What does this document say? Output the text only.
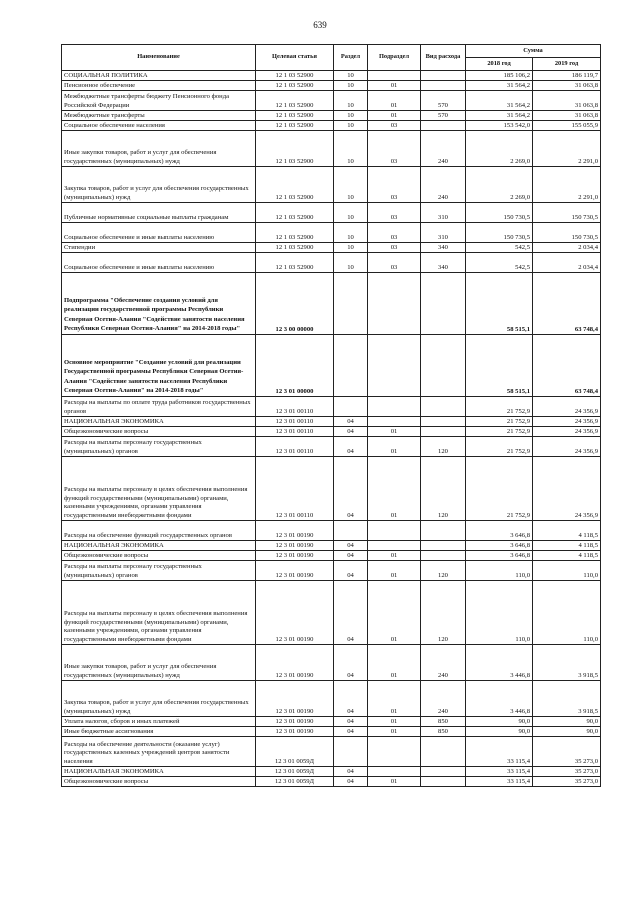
639
Наименование	Целевая статья	Раздел	Подраздел	Вид расхода	Сумма	
					2018 год	2019 год
СОЦИАЛЬНАЯ ПОЛИТИКА	12 1 03 52900	10			185 106,2	186 119,7
Пенсионное обеспечение	12 1 03 52900	10	01		31 564,2	31 063,8
Межбюджетные трансферты бюджету Пенсионного фонда Российской Федерации	12 1 03 52900	10	01	570	31 564,2	31 063,8
Межбюджетные трансферты	12 1 03 52900	10	01	570	31 564,2	31 063,8
Социальное обеспечение населения	12 1 03 52900	10	03		153 542,0	155 055,9
Иные закупки товаров, работ и услуг для обеспечения государственных (муниципальных) нужд	12 1 03 52900	10	03	240	2 269,0	2 291,0
Закупка товаров, работ и услуг для обеспечения государственных (муниципальных) нужд	12 1 03 52900	10	03	240	2 269,0	2 291,0
Публичные нормативные социальные выплаты гражданам	12 1 03 52900	10	03	310	150 730,5	150 730,5
Социальное обеспечение и иные выплаты населению	12 1 03 52900	10	03	310	150 730,5	150 730,5
Стипендии	12 1 03 52900	10	03	340	542,5	2 034,4
Социальное обеспечение и иные выплаты населению	12 1 03 52900	10	03	340	542,5	2 034,4
Подпрограмма "Обеспечение создания условий для реализации государственной программы Республики Северная Осетия-Алания "Содействие занятости населения Республики Северная Осетия-Алания" на 2014-2018 годы"	12 3 00 00000				58 515,1	63 748,4
Основное мероприятие "Создание условий для реализации Государственной программы Республики Северная Осетия-Алания "Содействие занятости населения Республики Северная Осетия-Алания" на 2014-2018 годы"	12 3 01 00000				58 515,1	63 748,4
Расходы на выплаты по оплате труда работников государственных органов	12 3 01 00110				21 752,9	24 356,9
НАЦИОНАЛЬНАЯ ЭКОНОМИКА	12 3 01 00110	04			21 752,9	24 356,9
Общеэкономические вопросы	12 3 01 00110	04	01		21 752,9	24 356,9
Расходы на выплаты персоналу государственных (муниципальных) органов	12 3 01 00110	04	01	120	21 752,9	24 356,9
Расходы на выплаты персоналу в целях обеспечения выполнения функций государственными (муниципальными) органами, казенными учреждениями, органами управления государственными внебюджетными фондами	12 3 01 00110	04	01	120	21 752,9	24 356,9
Расходы на обеспечение функций государственных органов	12 3 01 00190				3 646,8	4 118,5
НАЦИОНАЛЬНАЯ ЭКОНОМИКА	12 3 01 00190	04			3 646,8	4 118,5
Общеэкономические вопросы	12 3 01 00190	04	01		3 646,8	4 118,5
Расходы на выплаты персоналу государственных (муниципальных) органов	12 3 01 00190	04	01	120	110,0	110,0
Расходы на выплаты персоналу в целях обеспечения выполнения функций государственными (муниципальными) органами, казенными учреждениями, органами управления государственными внебюджетными фондами	12 3 01 00190	04	01	120	110,0	110,0
Иные закупки товаров, работ и услуг для обеспечения государственных (муниципальных) нужд	12 3 01 00190	04	01	240	3 446,8	3 918,5
Закупка товаров, работ и услуг для обеспечения государственных (муниципальных) нужд	12 3 01 00190	04	01	240	3 446,8	3 918,5
Уплата налогов, сборов и иных платежей	12 3 01 00190	04	01	850	90,0	90,0
Иные бюджетные ассигнования	12 3 01 00190	04	01	850	90,0	90,0
Расходы на обеспечение деятельности (оказание услуг) государственных казенных учреждений центров занятости населения	12 3 01 0059Д				33 115,4	35 273,0
НАЦИОНАЛЬНАЯ ЭКОНОМИКА	12 3 01 0059Д	04			33 115,4	35 273,0
Общеэкономические вопросы	12 3 01 0059Д	04	01		33 115,4	35 273,0
